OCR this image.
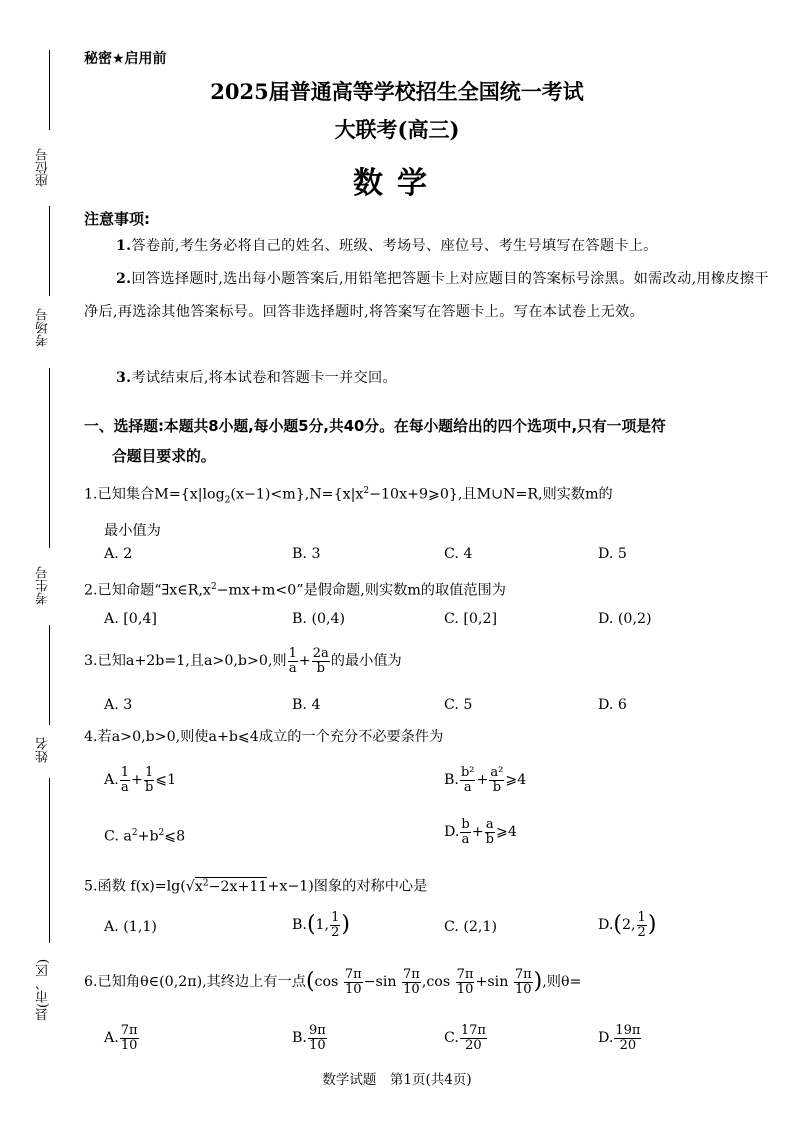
座位号
考场号
考生号
姓名
县(市、区)
秘密★启用前
2025届普通高等学校招生全国统一考试
大联考(高三)
数学
注意事项:
1.答卷前,考生务必将自己的姓名、班级、考场号、座位号、考生号填写在答题卡上。
2.回答选择题时,选出每小题答案后,用铅笔把答题卡上对应题目的答案标号涂黑。如需改动,用橡皮擦干净后,再选涂其他答案标号。回答非选择题时,将答案写在答题卡上。写在本试卷上无效。
3.考试结束后,将本试卷和答题卡一并交回。
一、选择题:本题共8小题,每小题5分,共40分。在每小题给出的四个选项中,只有一项是符
合题目要求的。
1.已知集合$M=\{x|\log_2(x-1)<m\},N=\{x|x^2-10x+9⩾0\}$,且M∪N=R,则实数m的
最小值为
A. 2	B. 3	C. 4	D. 5
2.已知命题“$\exists x\in R,x^2-mx+m<0$”是假命题,则实数m的取值范围为
A. [0,4]	B. (0,4)	C. [0,2]	D. (0,2)
3.已知a+2b=1,且a>0,b>0,则 $\frac{1}{a} + \frac{2a}{b}$ 的最小值为
A. 3	B. 4	C. 5	D. 6
4.若a>0,b>0,则使a+b⩽4成立的一个充分不必要条件为
A. $\frac{1}{a} + \frac{1}{b}$ ⩽1	B. $\frac{\text{b²}}{a} + \frac{\text{a²}}{b}$ ⩾4
C. $a^2+b^2⩽8$	D. $\frac{b}{a} + \frac{a}{b}$ ⩾4
5.函数 $f(x)=\lg(√x^2-2x+11+x-1)$图象的对称中心是
A. (1,1)	B.(1, $\frac{1}{2}$ )	C. (2,1)	D.(2, $\frac{1}{2}$ )
6.已知角θ∈(0,2π),其终边上有一点($\cos \frac{7\pi}{10} -\sin \frac{7\pi}{10} ,\cos \frac{7\pi}{10} +\sin \frac{7\pi}{10}$ ),则θ=
A. $\frac{7\pi}{10}$	B. $\frac{9\pi}{10}$	C. $\frac{17\pi}{20}$	D. $\frac{19\pi}{20}$
数学试题　第1页(共4页)
